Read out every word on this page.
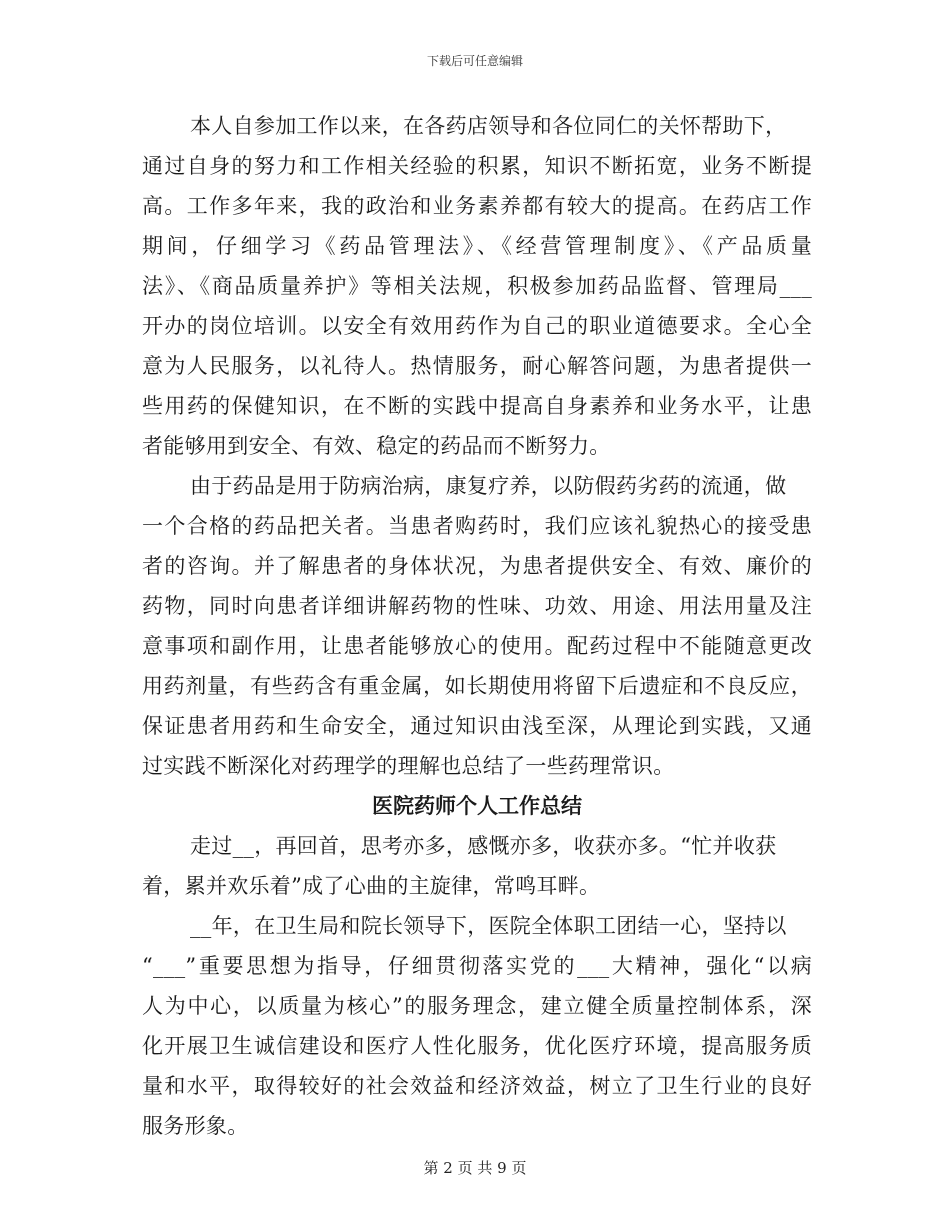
下载后可任意编辑
本人自参加工作以来，在各药店领导和各位同仁的关怀帮助下，
通过自身的努力和工作相关经验的积累，知识不断拓宽，业务不断提
高。工作多年来，我的政治和业务素养都有较大的提高。在药店工作
期间，仔细学习《药品管理法》、《经营管理制度》、《产品质量
法》、《商品质量养护》等相关法规，积极参加药品监督、管理局___
开办的岗位培训。以安全有效用药作为自己的职业道德要求。全心全
意为人民服务，以礼待人。热情服务，耐心解答问题，为患者提供一
些用药的保健知识，在不断的实践中提高自身素养和业务水平，让患
者能够用到安全、有效、稳定的药品而不断努力。
由于药品是用于防病治病，康复疗养，以防假药劣药的流通，做
一个合格的药品把关者。当患者购药时，我们应该礼貌热心的接受患
者的咨询。并了解患者的身体状况，为患者提供安全、有效、廉价的
药物，同时向患者详细讲解药物的性味、功效、用途、用法用量及注
意事项和副作用，让患者能够放心的使用。配药过程中不能随意更改
用药剂量，有些药含有重金属，如长期使用将留下后遗症和不良反应，
保证患者用药和生命安全，通过知识由浅至深，从理论到实践，又通
过实践不断深化对药理学的理解也总结了一些药理常识。
医院药师个人工作总结
走过__，再回首，思考亦多，感慨亦多，收获亦多。“忙并收获
着，累并欢乐着”成了心曲的主旋律，常鸣耳畔。
__年，在卫生局和院长领导下，医院全体职工团结一心，坚持以
“___”重要思想为指导，仔细贯彻落实党的___大精神，强化“以病
人为中心，以质量为核心”的服务理念，建立健全质量控制体系，深
化开展卫生诚信建设和医疗人性化服务，优化医疗环境，提高服务质
量和水平，取得较好的社会效益和经济效益，树立了卫生行业的良好
服务形象。
第 2 页 共 9 页
